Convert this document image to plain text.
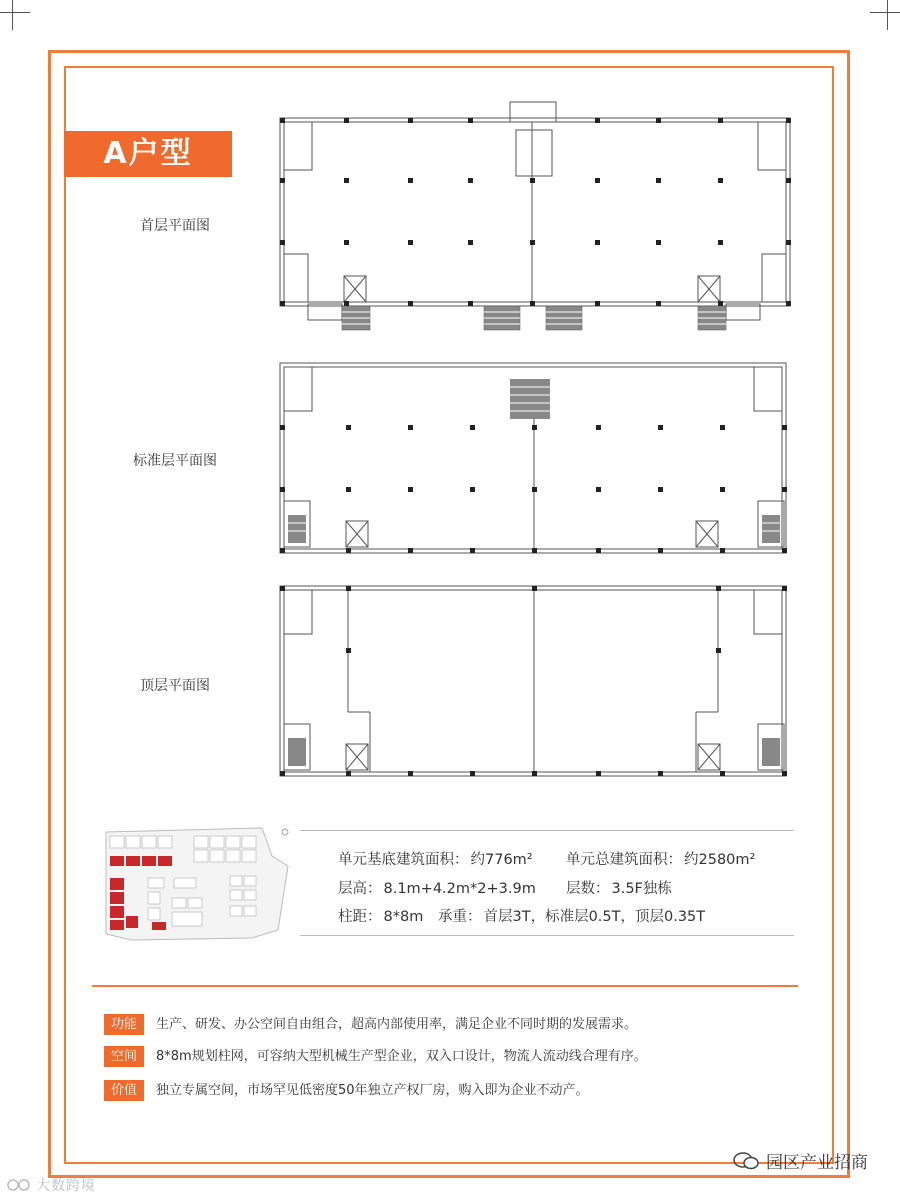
A户型
首层平面图
标准层平面图
顶层平面图
单元基底建筑面积： 约776m² 单元总建筑面积： 约2580m²
层高： 8.1m+4.2m*2+3.9m 层数： 3.5F独栋
柱距： 8*8m 承重： 首层3T，标准层0.5T，顶层0.35T
功能 生产、研发、办公空间自由组合，超高内部使用率，满足企业不同时期的发展需求。
空间 8*8m规划柱网，可容纳大型机械生产型企业，双入口设计，物流人流动线合理有序。
价值 独立专属空间，市场罕见低密度50年独立产权厂房，购入即为企业不动产。
园区产业招商
大数跨境
